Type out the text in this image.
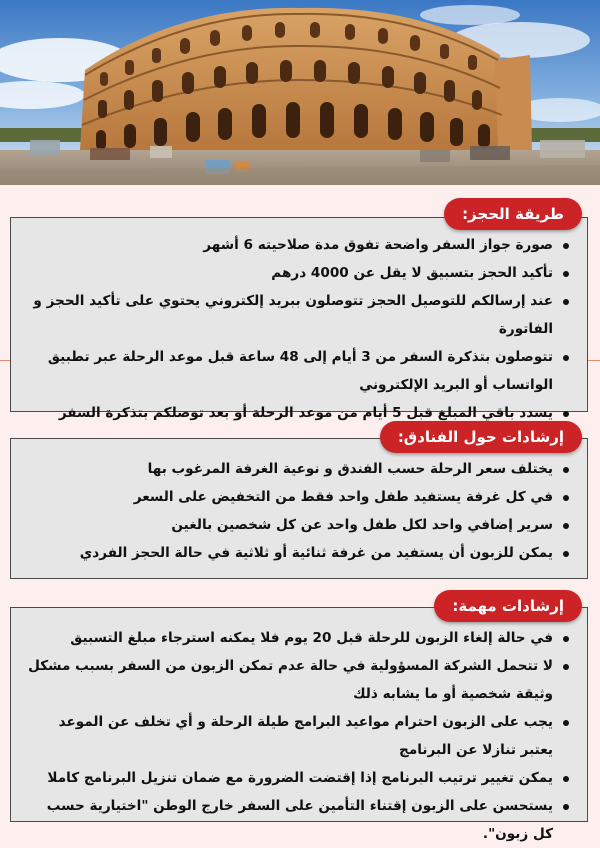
صورة جواز السفر واضحة تفوق مدة صلاحيته 6 أشهر
تأكيد الحجز بتسبيق لا يقل عن 4000 درهم
عند إرسالكم للتوصيل الحجز تتوصلون ببريد إلكتروني يحتوي على تأكيد الحجز و الفاتورة
تتوصلون بتذكرة السفر من 3 أيام إلى 48 ساعة قبل موعد الرحلة عبر تطبيق الواتساب أو البريد الإلكتروني
يسدد باقي المبلغ قبل 5 أيام من موعد الرحلة أو بعد توصلكم بتذكرة السفر
طريقة الحجز:
يختلف سعر الرحلة حسب الفندق و نوعية الغرفة المرغوب بها
في كل غرفة يستفيد طفل واحد فقط من التخفيض على السعر
سرير إضافي واحد لكل طفل واحد عن كل شخصين بالغين
يمكن للزبون أن يستفيد من غرفة ثنائية أو ثلاثية في حالة الحجز الفردي
إرشادات حول الفنادق:
في حالة إلغاء الزبون للرحلة قبل 20 يوم فلا يمكنه استرجاء مبلغ التسبيق
لا تتحمل الشركة المسؤولية في حالة عدم تمكن الزبون من السفر بسبب مشكل وثيقة شخصية أو ما يشابه ذلك
يجب على الزبون احترام مواعيد البرامج طيلة الرحلة و أي تخلف عن الموعد يعتبر تنازلا عن البرنامج
يمكن تغيير ترتيب البرنامج إذا إقتضت الضرورة مع ضمان تنزيل البرنامج كاملا
يستحسن على الزبون إقتناء التأمين على السفر خارج الوطن "اختيارية حسب كل زبون".
إرشادات مهمة:
